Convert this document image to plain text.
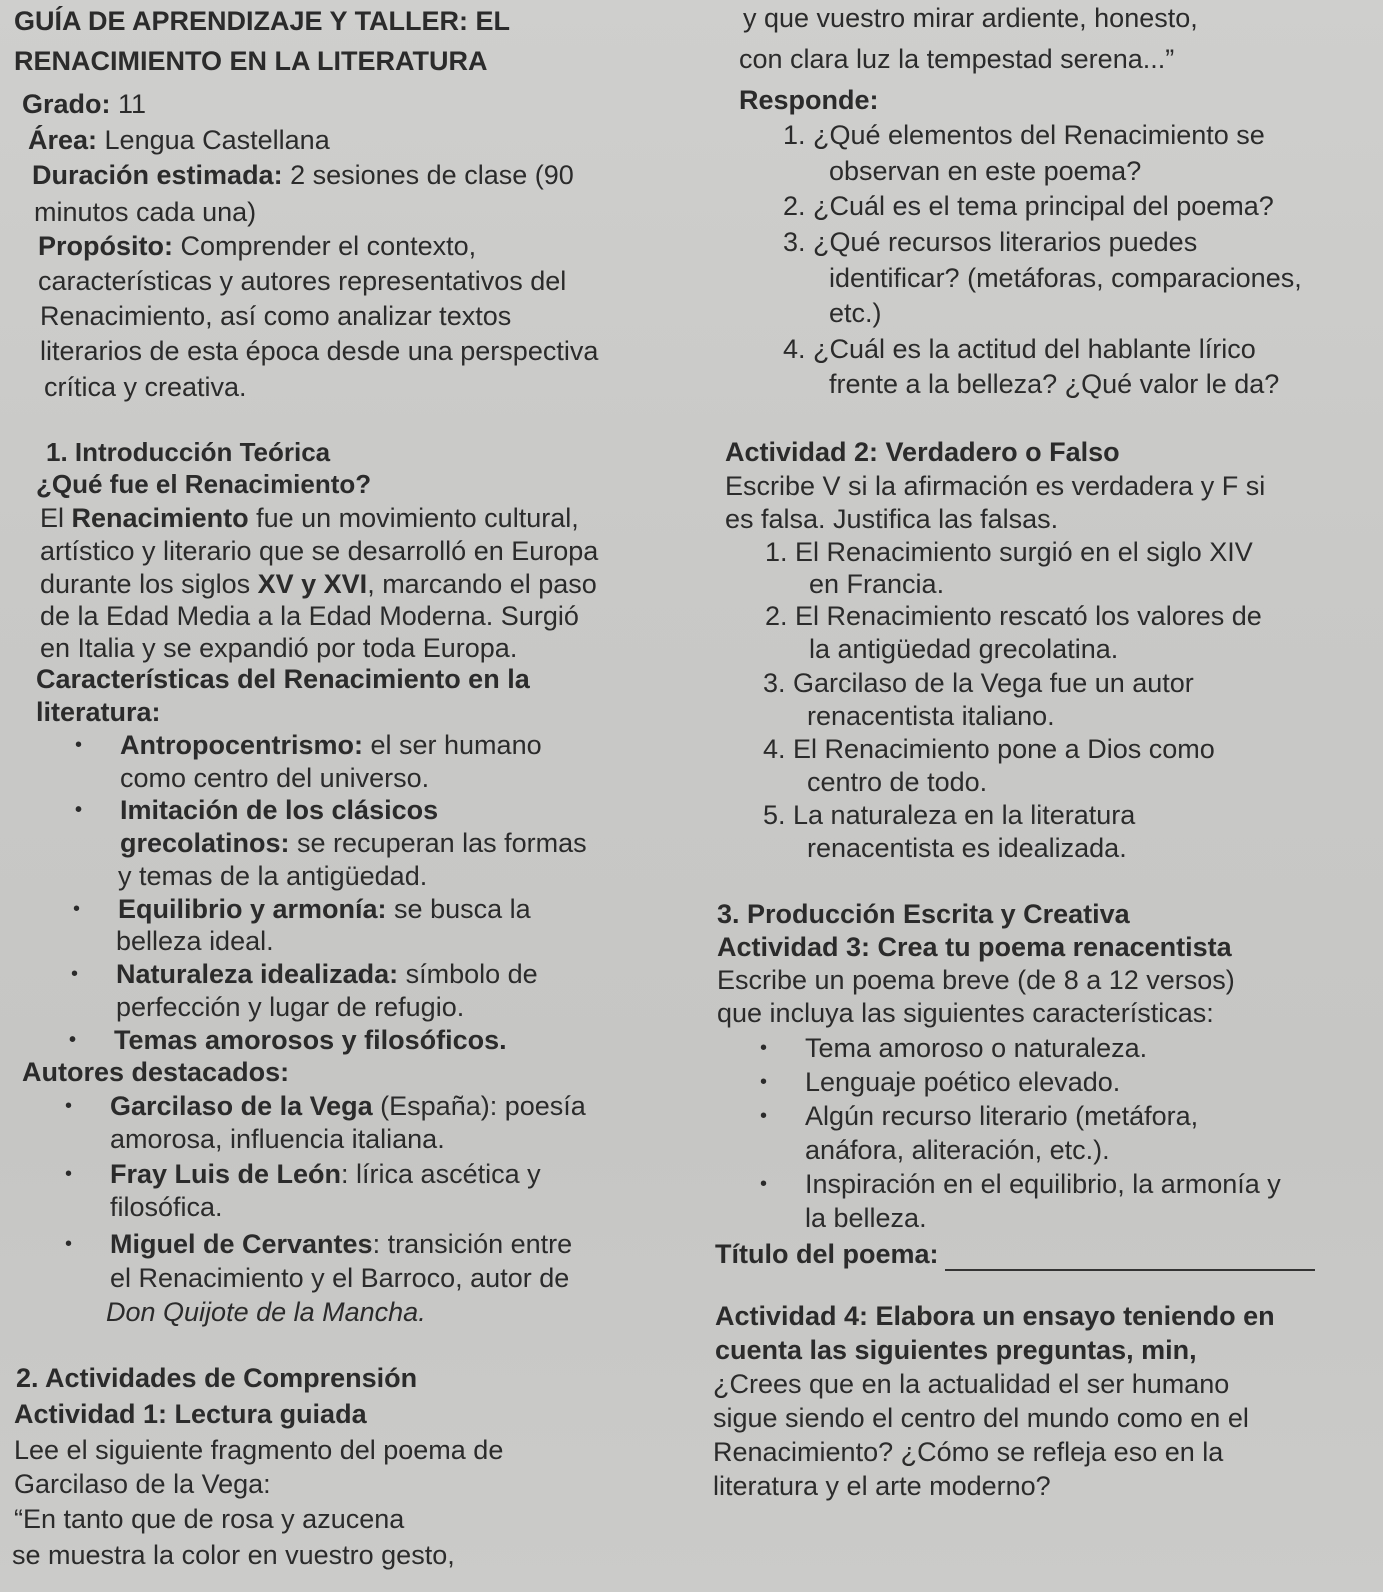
GUÍA DE APRENDIZAJE Y TALLER: EL
RENACIMIENTO EN LA LITERATURA
Grado: 11
Área: Lengua Castellana
Duración estimada: 2 sesiones de clase (90
minutos cada una)
Propósito: Comprender el contexto,
características y autores representativos del
Renacimiento, así como analizar textos
literarios de esta época desde una perspectiva
crítica y creativa.
1. Introducción Teórica
¿Qué fue el Renacimiento?
El Renacimiento fue un movimiento cultural,
artístico y literario que se desarrolló en Europa
durante los siglos XV y XVI, marcando el paso
de la Edad Media a la Edad Moderna. Surgió
en Italia y se expandió por toda Europa.
Características del Renacimiento en la
literatura:
• Antropocentrismo: el ser humano
como centro del universo.
• Imitación de los clásicos
grecolatinos: se recuperan las formas
y temas de la antigüedad.
• Equilibrio y armonía: se busca la
belleza ideal.
• Naturaleza idealizada: símbolo de
perfección y lugar de refugio.
• Temas amorosos y filosóficos.
Autores destacados:
• Garcilaso de la Vega (España): poesía
amorosa, influencia italiana.
• Fray Luis de León: lírica ascética y
filosófica.
• Miguel de Cervantes: transición entre
el Renacimiento y el Barroco, autor de
Don Quijote de la Mancha.
2. Actividades de Comprensión
Actividad 1: Lectura guiada
Lee el siguiente fragmento del poema de
Garcilaso de la Vega:
“En tanto que de rosa y azucena
se muestra la color en vuestro gesto,
y que vuestro mirar ardiente, honesto,
con clara luz la tempestad serena...”
Responde:
1. ¿Qué elementos del Renacimiento se
observan en este poema?
2. ¿Cuál es el tema principal del poema?
3. ¿Qué recursos literarios puedes
identificar? (metáforas, comparaciones,
etc.)
4. ¿Cuál es la actitud del hablante lírico
frente a la belleza? ¿Qué valor le da?
Actividad 2: Verdadero o Falso
Escribe V si la afirmación es verdadera y F si
es falsa. Justifica las falsas.
1. El Renacimiento surgió en el siglo XIV
en Francia.
2. El Renacimiento rescató los valores de
la antigüedad grecolatina.
3. Garcilaso de la Vega fue un autor
renacentista italiano.
4. El Renacimiento pone a Dios como
centro de todo.
5. La naturaleza en la literatura
renacentista es idealizada.
3. Producción Escrita y Creativa
Actividad 3: Crea tu poema renacentista
Escribe un poema breve (de 8 a 12 versos)
que incluya las siguientes características:
• Tema amoroso o naturaleza.
• Lenguaje poético elevado.
• Algún recurso literario (metáfora,
anáfora, aliteración, etc.).
• Inspiración en el equilibrio, la armonía y
la belleza.
Título del poema:
Actividad 4: Elabora un ensayo teniendo en
cuenta las siguientes preguntas, min,
¿Crees que en la actualidad el ser humano
sigue siendo el centro del mundo como en el
Renacimiento? ¿Cómo se refleja eso en la
literatura y el arte moderno?
